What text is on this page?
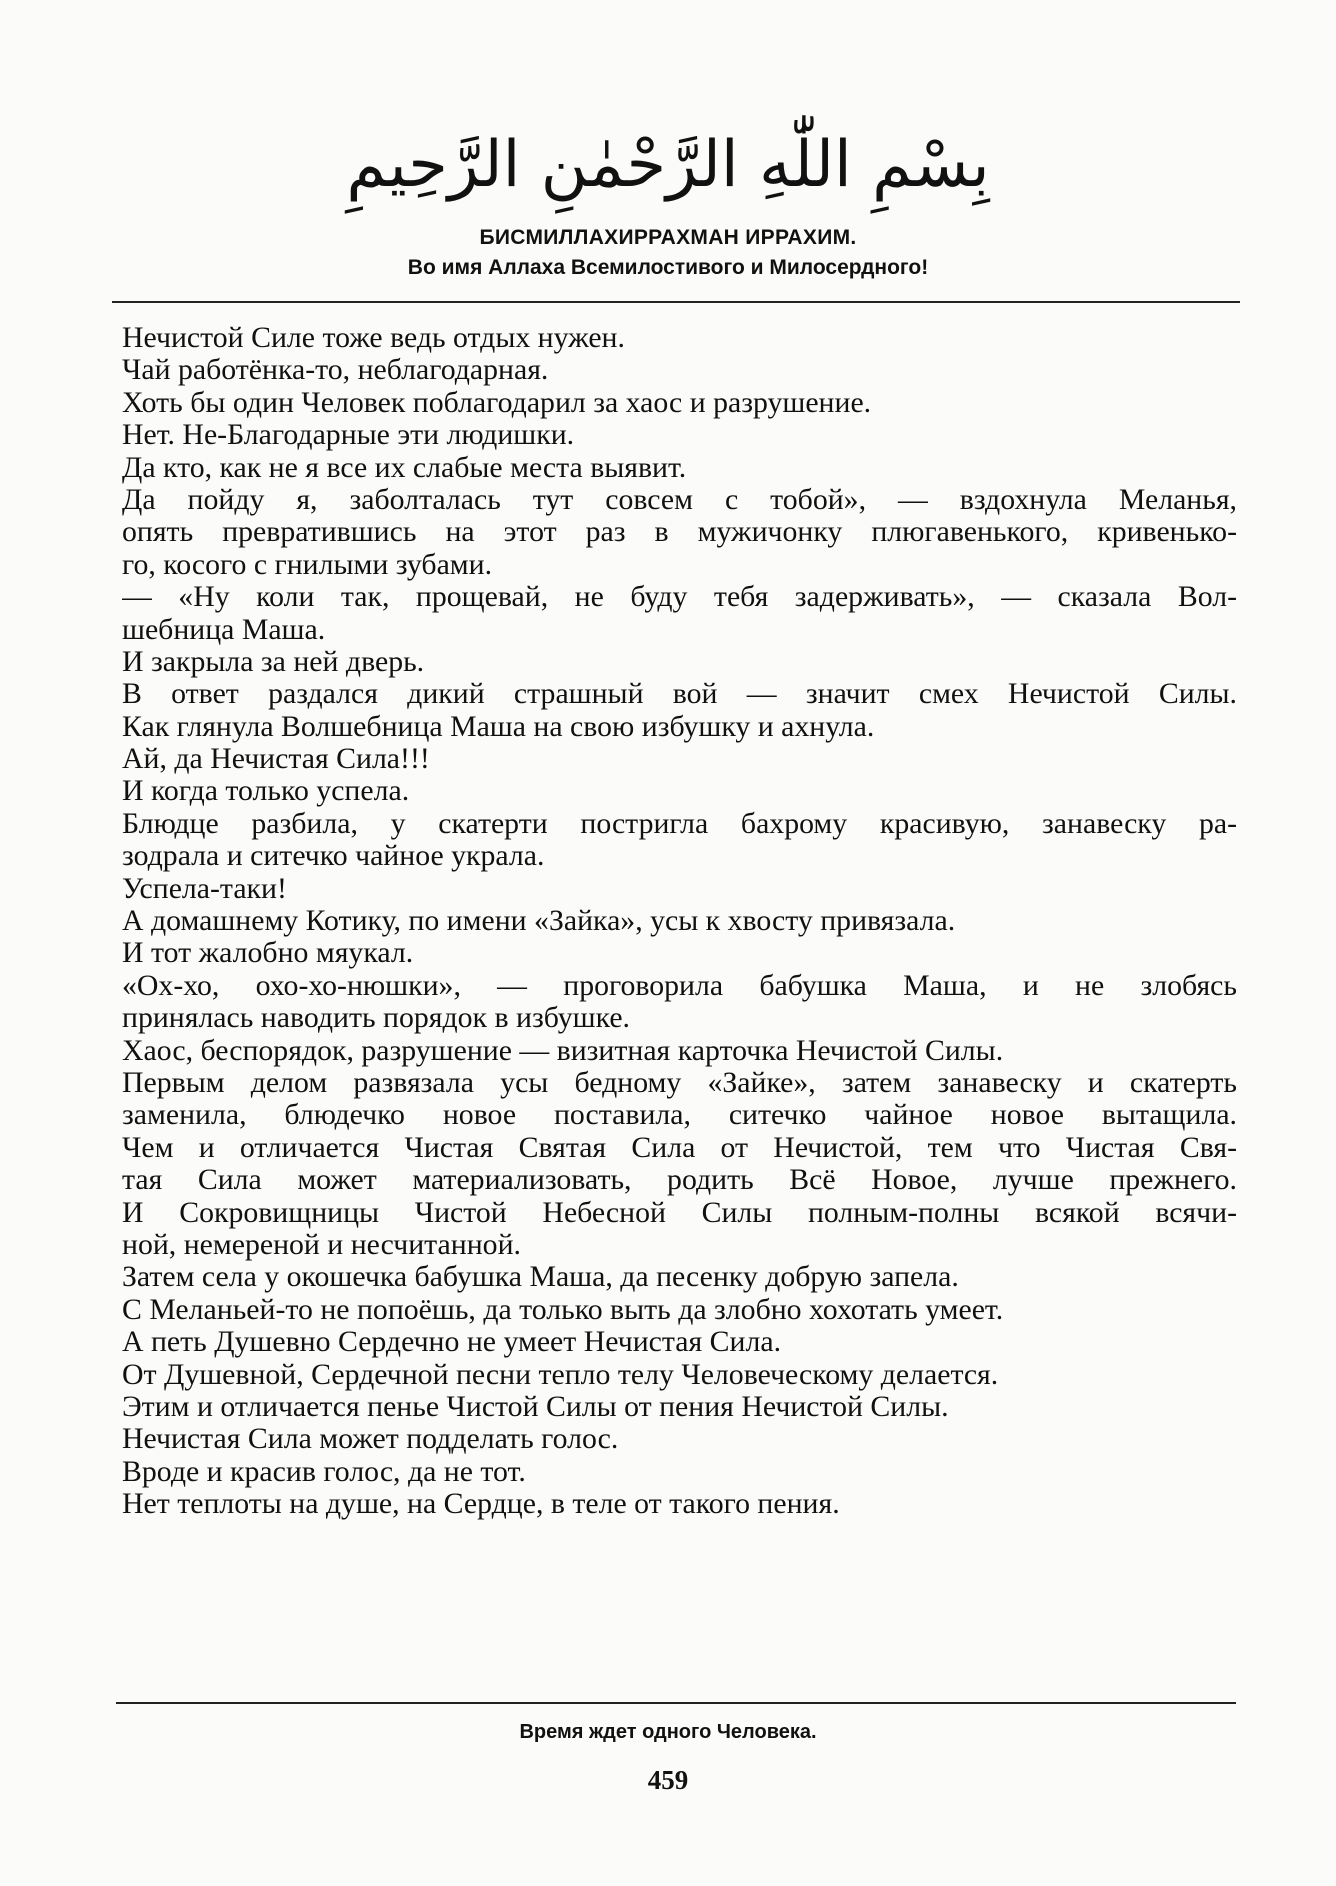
بِسْمِ اللّٰهِ الرَّحْمٰنِ الرَّحِيمِ
БИСМИЛЛАХИРРАХМАН ИРРАХИМ.
Во имя Аллаха Всемилостивого и Милосердного!
Нечистой Силе тоже ведь отдых нужен.
Чай работёнка-то, неблагодарная.
Хоть бы один Человек поблагодарил за хаос и разрушение.
Нет. Не-Благодарные эти людишки.
Да кто, как не я все их слабые места выявит.
Да пойду я, заболталась тут совсем с тобой», — вздохнула Меланья,
опять превратившись на этот раз в мужичонку плюгавенького, кривенько-
го, косого с гнилыми зубами.
— «Ну коли так, прощевай, не буду тебя задерживать», — сказала Вол-
шебница Маша.
И закрыла за ней дверь.
В ответ раздался дикий страшный вой — значит смех Нечистой Силы.
Как глянула Волшебница Маша на свою избушку и ахнула.
Ай, да Нечистая Сила!!!
И когда только успела.
Блюдце разбила, у скатерти постригла бахрому красивую, занавеску ра-
зодрала и ситечко чайное украла.
Успела-таки!
А домашнему Котику, по имени «Зайка», усы к хвосту привязала.
И тот жалобно мяукал.
«Ох-хо, охо-хо-нюшки», — проговорила бабушка Маша, и не злобясь
принялась наводить порядок в избушке.
Хаос, беспорядок, разрушение — визитная карточка Нечистой Силы.
Первым делом развязала усы бедному «Зайке», затем занавеску и скатерть
заменила, блюдечко новое поставила, ситечко чайное новое вытащила.
Чем и отличается Чистая Святая Сила от Нечистой, тем что Чистая Свя-
тая Сила может материализовать, родить Всё Новое, лучше прежнего.
И Сокровищницы Чистой Небесной Силы полным-полны всякой всячи-
ной, немереной и несчитанной.
Затем села у окошечка бабушка Маша, да песенку добрую запела.
С Меланьей-то не попоёшь, да только выть да злобно хохотать умеет.
А петь Душевно Сердечно не умеет Нечистая Сила.
От Душевной, Сердечной песни тепло телу Человеческому делается.
Этим и отличается пенье Чистой Силы от пения Нечистой Силы.
Нечистая Сила может подделать голос.
Вроде и красив голос, да не тот.
Нет теплоты на душе, на Сердце, в теле от такого пения.
Время ждет одного Человека.
459
